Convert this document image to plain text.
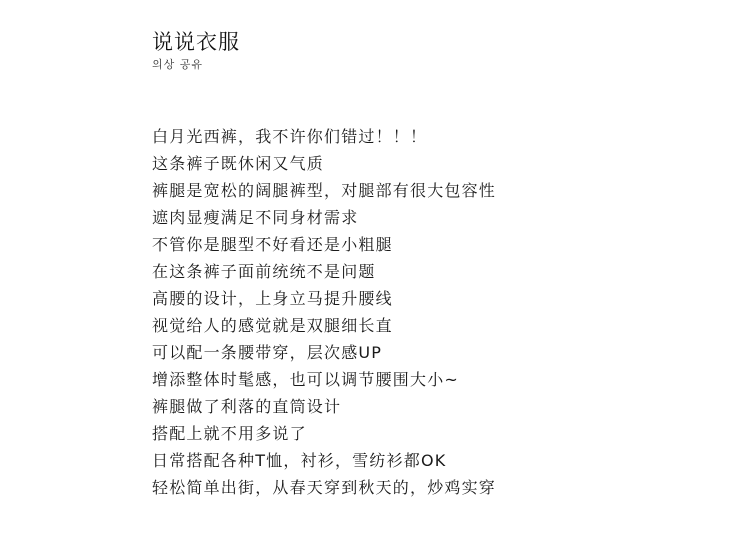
说说衣服
의상 공유
白月光西裤，我不许你们错过！！！
这条裤子既休闲又气质
裤腿是宽松的阔腿裤型，对腿部有很大包容性
遮肉显瘦满足不同身材需求
不管你是腿型不好看还是小粗腿
在这条裤子面前统统不是问题
高腰的设计，上身立马提升腰线
视觉给人的感觉就是双腿细长直
可以配一条腰带穿，层次感UP
增添整体时髦感，也可以调节腰围大小~
裤腿做了利落的直筒设计
搭配上就不用多说了
日常搭配各种T恤，衬衫，雪纺衫都OK
轻松简单出街，从春天穿到秋天的，炒鸡实穿
